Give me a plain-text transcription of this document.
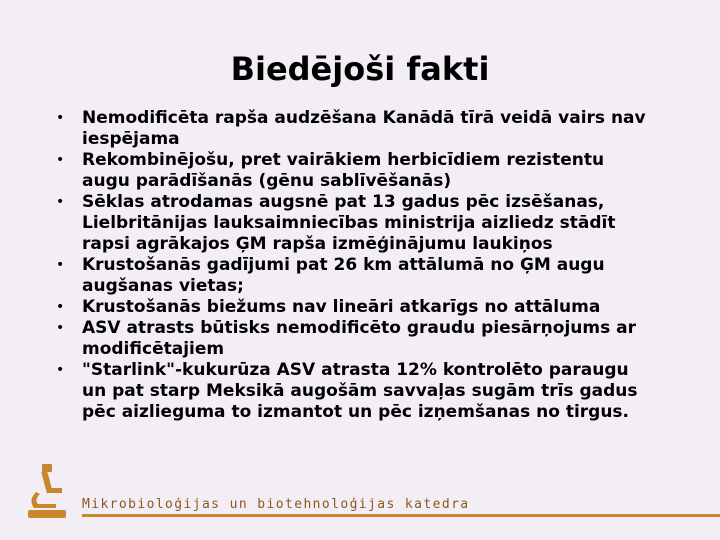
Biedējoši fakti
• Nemodificēta rapša audzēšana Kanādā tīrā veidā vairs nav iespējama
• Rekombinējošu, pret vairākiem herbicīdiem rezistentu augu parādīšanās (gēnu sablīvēšanās)
• Sēklas atrodamas augsnē pat 13 gadus pēc izsēšanas, Lielbritānijas lauksaimniecības ministrija aizliedz stādīt rapsi agrākajos ĢM rapša izmēģinājumu laukiņos
• Krustošanās gadījumi pat 26 km attālumā no ĢM augu augšanas vietas;
• Krustošanās biežums nav lineāri atkarīgs no attāluma
• ASV atrasts būtisks nemodificēto graudu piesārņojums ar modificētajiem
• "Starlink"-kukurūza ASV atrasta 12% kontrolēto paraugu un pat starp Meksikā augošām savvaļas sugām trīs gadus pēc aizlieguma to izmantot un pēc izņemšanas no tirgus.
Mikrobioloģijas un biotehnoloģijas katedra
